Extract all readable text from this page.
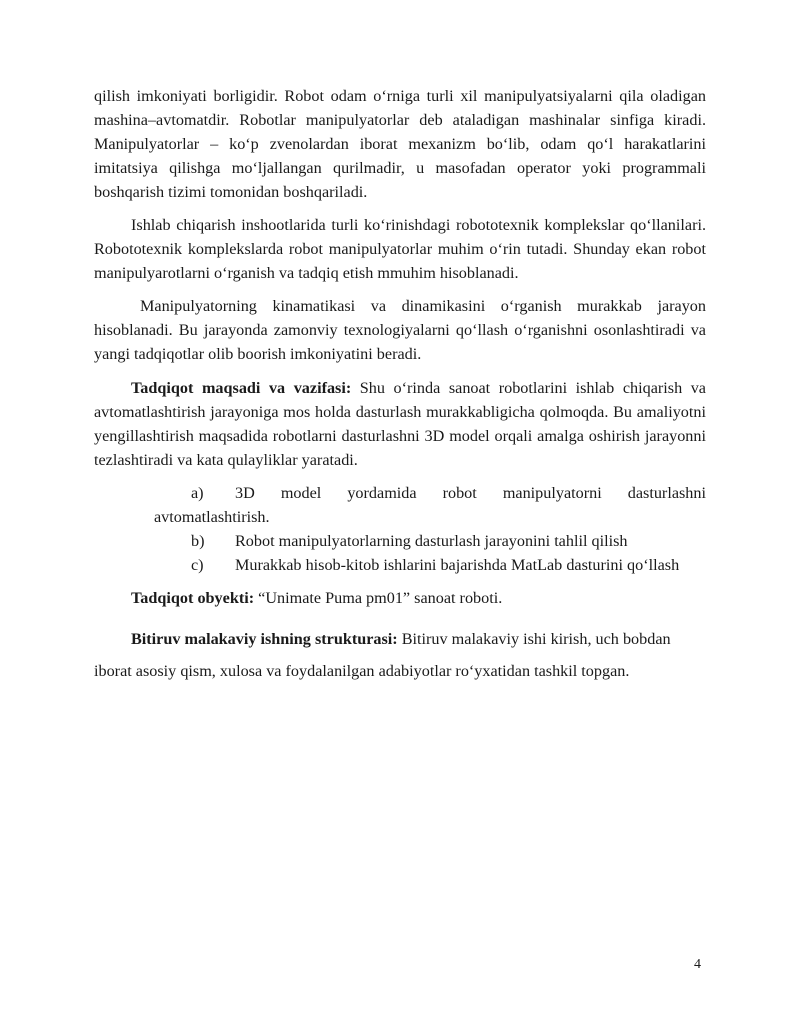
qilish imkoniyati borligidir. Robot odam oʻrniga turli xil manipulyatsiyalarni qila oladigan mashina–avtomatdir. Robotlar manipulyatorlar deb ataladigan mashinalar sinfiga kiradi. Manipulyatorlar – koʻp zvenolardan iborat mexanizm boʻlib, odam qoʻl harakatlarini imitatsiya qilishga moʻljallangan qurilmadir, u masofadan operator yoki programmali boshqarish tizimi tomonidan boshqariladi.

Ishlab chiqarish inshootlarida turli koʻrinishdagi robototexnik komplekslar qoʻllanilari. Robototexnik komplekslarda robot manipulyatorlar muhim oʻrin tutadi. Shunday ekan robot manipulyarotlarni oʻrganish va tadqiq etish mmuhim hisoblanadi.

Manipulyatorning kinamatikasi va dinamikasini oʻrganish murakkab jarayon hisoblanadi. Bu jarayonda zamonviy texnologiyalarni qoʻllash oʻrganishni osonlashtiradi va yangi tadqiqotlar olib boorish imkoniyatini beradi.

Tadqiqot maqsadi va vazifasi: Shu oʻrinda sanoat robotlarini ishlab chiqarish va avtomatlashtirish jarayoniga mos holda dasturlash murakkabligicha qolmoqda. Bu amaliyotni yengillashtirish maqsadida robotlarni dasturlashni 3D model orqali amalga oshirish jarayonni tezlashtiradi va kata qulayliklar yaratadi.

a) 3D model yordamida robot manipulyatorni dasturlashni avtomatlashtirish.
b) Robot manipulyatorlarning dasturlash jarayonini tahlil qilish
c) Murakkab hisob-kitob ishlarini bajarishda MatLab dasturini qoʻllash

Tadqiqot obyekti: “Unimate Puma pm01” sanoat roboti.

Bitiruv malakaviy ishning strukturasi: Bitiruv malakaviy ishi kirish, uch bobdan iborat asosiy qism, xulosa va foydalanilgan adabiyotlar roʻyxatidan tashkil topgan.

4
